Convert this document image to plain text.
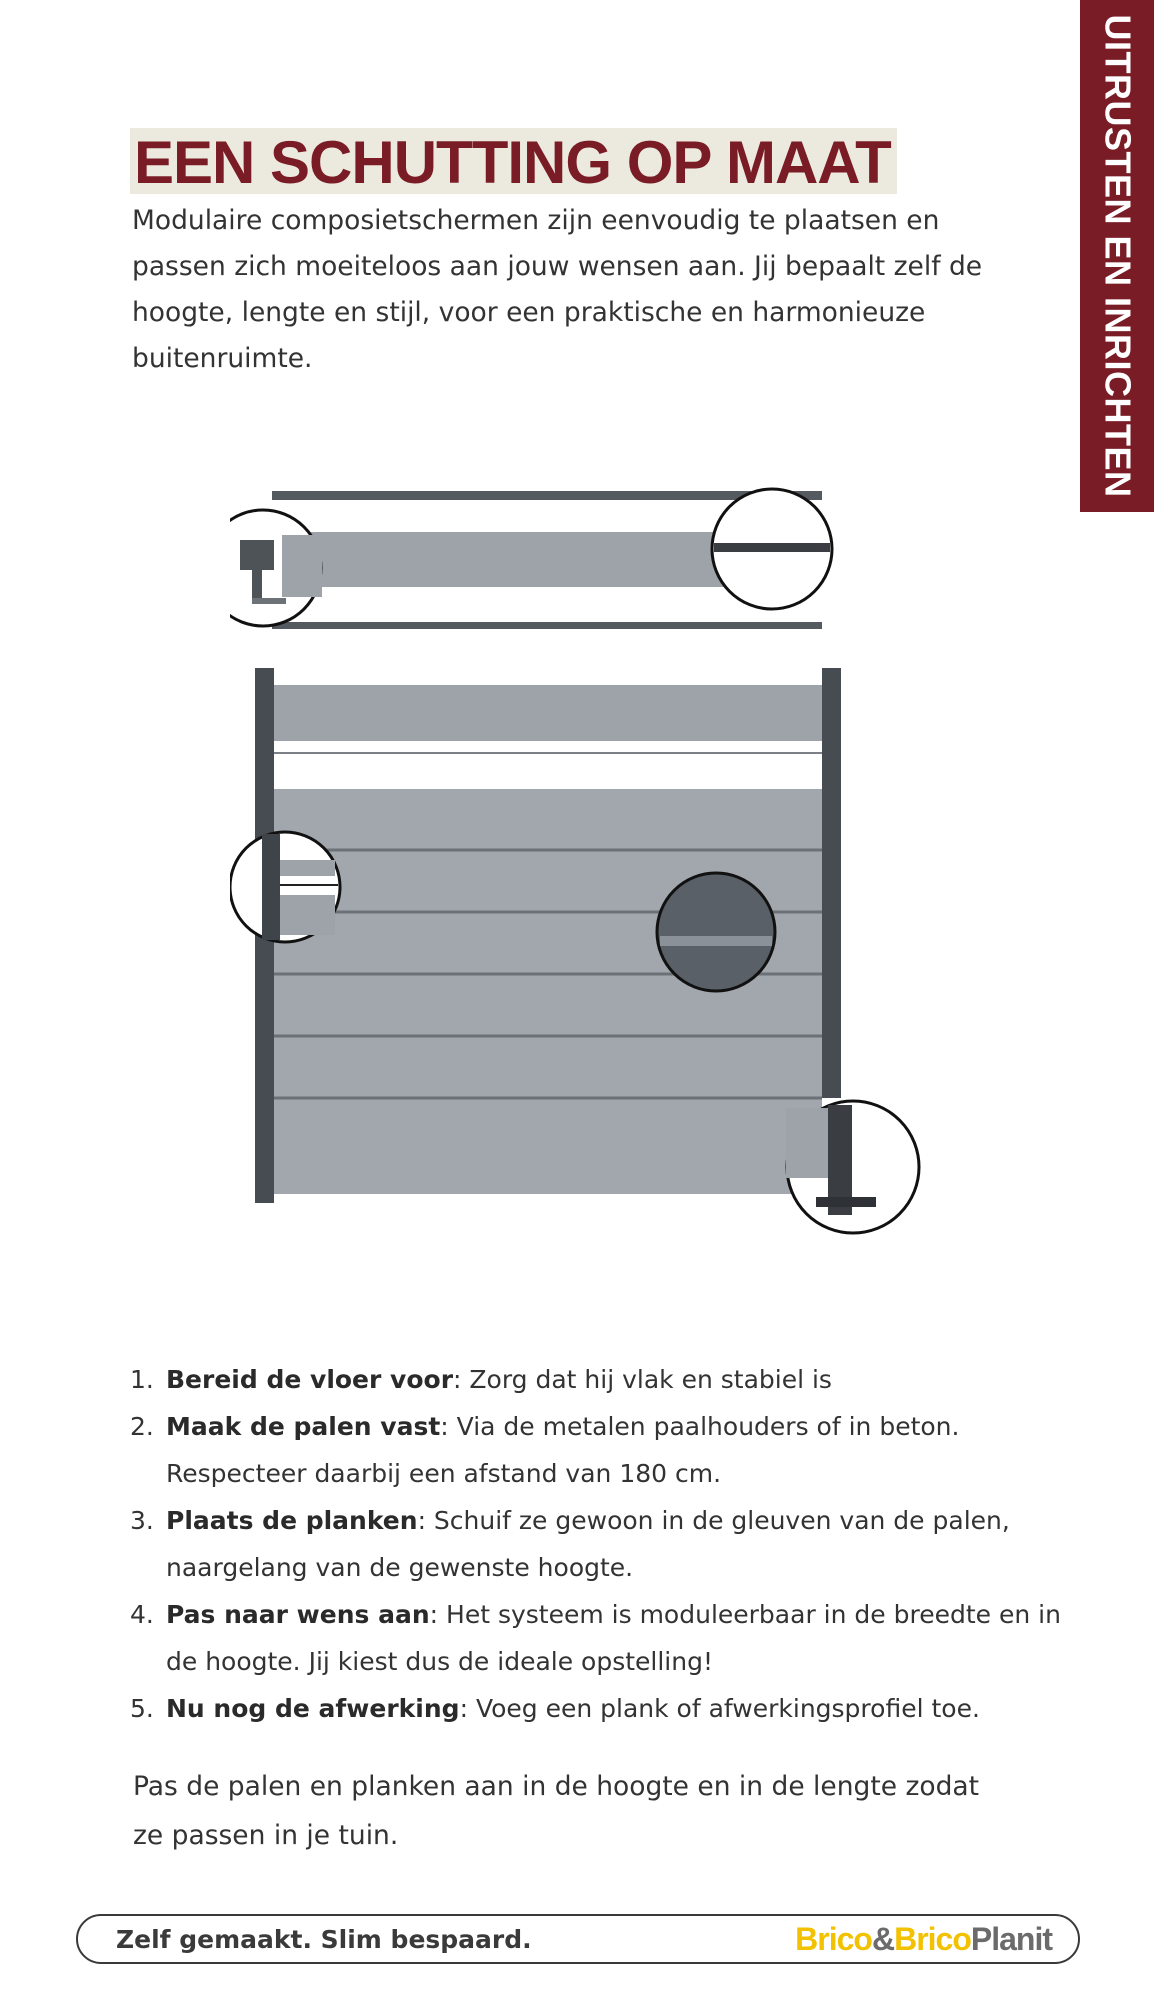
UITRUSTEN EN INRICHTEN
EEN SCHUTTING OP MAAT

Modulaire composietschermen zijn eenvoudig te plaatsen en passen zich moeiteloos aan jouw wensen aan. Jij bepaalt zelf de hoogte, lengte en stijl, voor een praktische en harmonieuze buitenruimte.

1. Bereid de vloer voor: Zorg dat hij vlak en stabiel is
2. Maak de palen vast: Via de metalen paalhouders of in beton. Respecteer daarbij een afstand van 180 cm.
3. Plaats de planken: Schuif ze gewoon in de gleuven van de palen, naargelang van de gewenste hoogte.
4. Pas naar wens aan: Het systeem is moduleerbaar in de breedte en in de hoogte. Jij kiest dus de ideale opstelling!
5. Nu nog de afwerking: Voeg een plank of afwerkingsprofiel toe.

Pas de palen en planken aan in de hoogte en in de lengte zodat ze passen in je tuin.

Zelf gemaakt. Slim bespaard.	Brico&BricoPlanit
